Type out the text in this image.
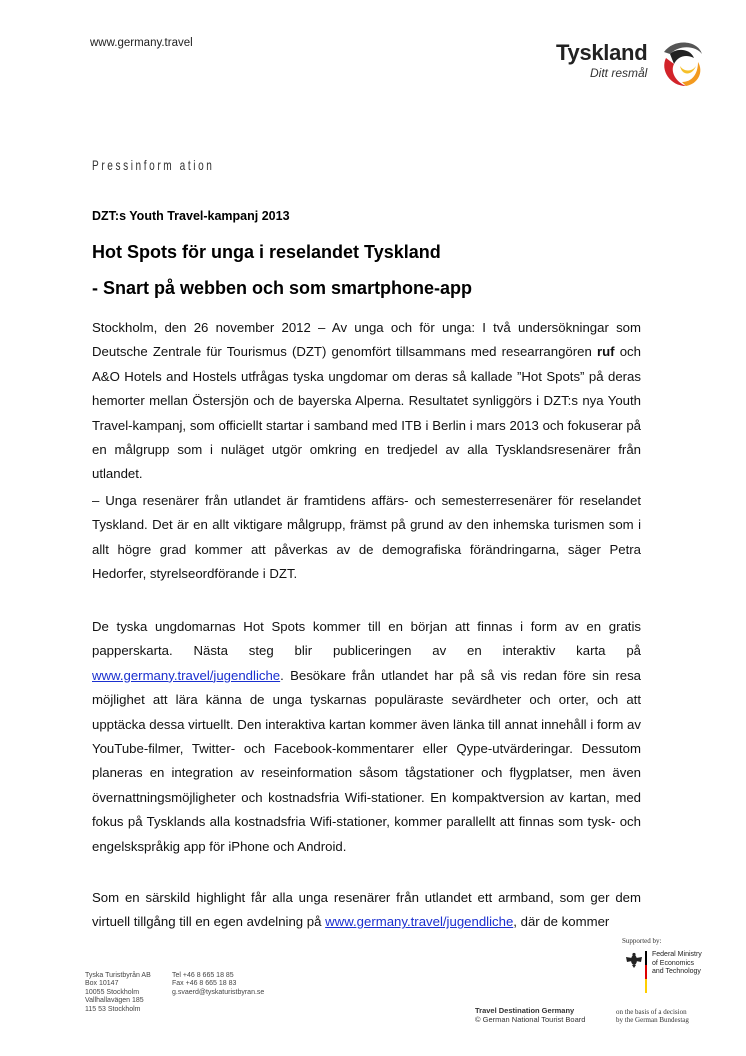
www.germany.travel	Tyskland
Ditt resmål
Pressinform ation
DZT:s Youth Travel-kampanj 2013
Hot Spots för unga i reselandet Tyskland
- Snart på webben och som smartphone-app

Stockholm, den 26 november 2012 – Av unga och för unga: I två undersökningar som Deutsche Zentrale für Tourismus (DZT) genomfört tillsammans med researrangören ruf och A&O Hotels and Hostels utfrågas tyska ungdomar om deras så kallade ”Hot Spots” på deras hemorter mellan Östersjön och de bayerska Alperna. Resultatet synliggörs i DZT:s nya Youth Travel-kampanj, som officiellt startar i samband med ITB i Berlin i mars 2013 och fokuserar på en målgrupp som i nuläget utgör omkring en tredjedel av alla Tysklandsresenärer från utlandet.

– Unga resenärer från utlandet är framtidens affärs- och semesterresenärer för reselandet Tyskland. Det är en allt viktigare målgrupp, främst på grund av den inhemska turismen som i allt högre grad kommer att påverkas av de demografiska förändringarna, säger Petra Hedorfer, styrelseordförande i DZT.

De tyska ungdomarnas Hot Spots kommer till en början att finnas i form av en gratis papperskarta. Nästa steg blir publiceringen av en interaktiv karta på www.germany.travel/jugendliche. Besökare från utlandet har på så vis redan före sin resa möjlighet att lära känna de unga tyskarnas populäraste sevärdheter och orter, och att upptäcka dessa virtuellt. Den interaktiva kartan kommer även länka till annat innehåll i form av YouTube-filmer, Twitter- och Facebook-kommentarer eller Qype-utvärderingar. Dessutom planeras en integration av reseinformation såsom tågstationer och flygplatser, men även övernattningsmöjligheter och kostnadsfria Wifi-stationer. En kompaktversion av kartan, med fokus på Tysklands alla kostnadsfria Wifi-stationer, kommer parallellt att finnas som tysk- och engelskspråkig app för iPhone och Android.

Som en särskild highlight får alla unga resenärer från utlandet ett armband, som ger dem virtuell tillgång till en egen avdelning på www.germany.travel/jugendliche, där de kommer

Supported by:
Federal Ministry
of Economics
and Technology
Tyska Turistbyrån AB
Box 10147
10055 Stockholm
Vallhallavägen 185
115 53 Stockholm
Tel +46 8 665 18 85
Fax +46 8 665 18 83
g.svaerd@tyskaturistbyran.se
Travel Destination Germany
© German National Tourist Board
on the basis of a decision
by the German Bundestag
